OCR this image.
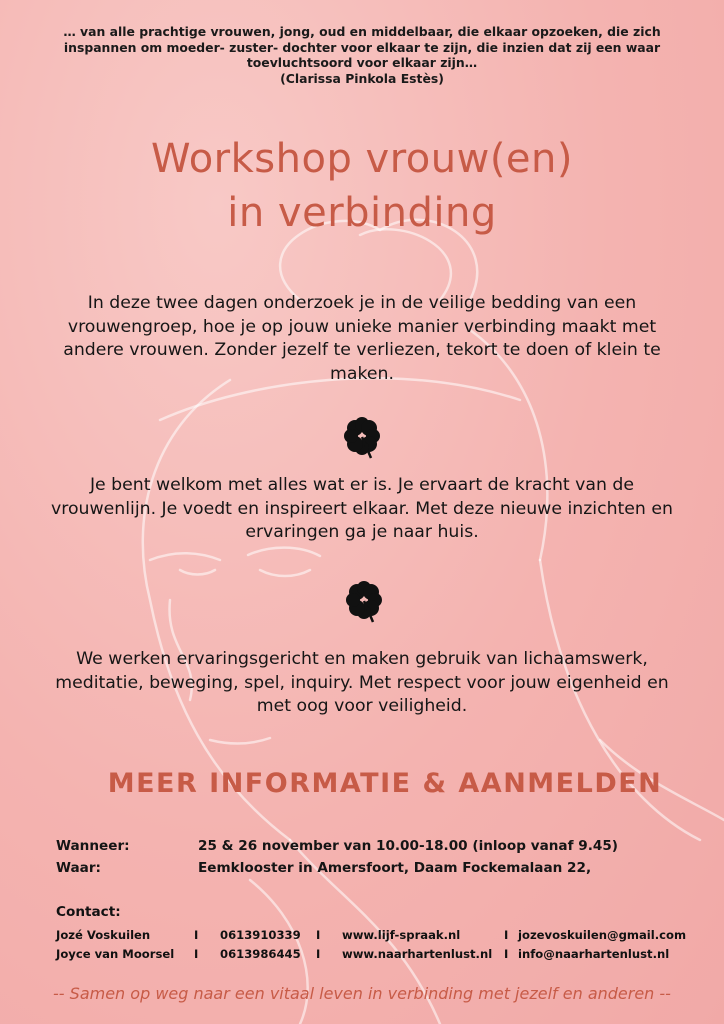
… van alle prachtige vrouwen, jong, oud en middelbaar, die elkaar opzoeken, die zich
inspannen om moeder- zuster- dochter voor elkaar te zijn, die inzien dat zij een waar
toevluchtsoord voor elkaar zijn…
(Clarissa Pinkola Estès)
Workshop vrouw(en)
in verbinding
In deze twee dagen onderzoek je in de veilige bedding van een vrouwengroep, hoe je op jouw unieke manier verbinding maakt met andere vrouwen. Zonder jezelf te verliezen, tekort te doen of klein te maken.
Je bent welkom met alles wat er is. Je ervaart de kracht van de vrouwenlijn. Je voedt en inspireert elkaar. Met deze nieuwe inzichten en ervaringen ga je naar huis.
We werken ervaringsgericht en maken gebruik van lichaamswerk, meditatie, beweging, spel, inquiry. Met respect voor jouw eigenheid en met oog voor veiligheid.
MEER INFORMATIE & AANMELDEN
Wanneer:	25 & 26 november van 10.00-18.00 (inloop vanaf 9.45)
Waar:	Eemklooster in Amersfoort, Daam Fockemalaan 22,
Contact:
Jozé Voskuilen	I	0613910339	I	www.lijf-spraak.nl	I	jozevoskuilen@gmail.com
Joyce van Moorsel	I	0613986445	I	www.naarhartenlust.nl	I	info@naarhartenlust.nl
-- Samen op weg naar een vitaal leven in verbinding met jezelf en anderen --
